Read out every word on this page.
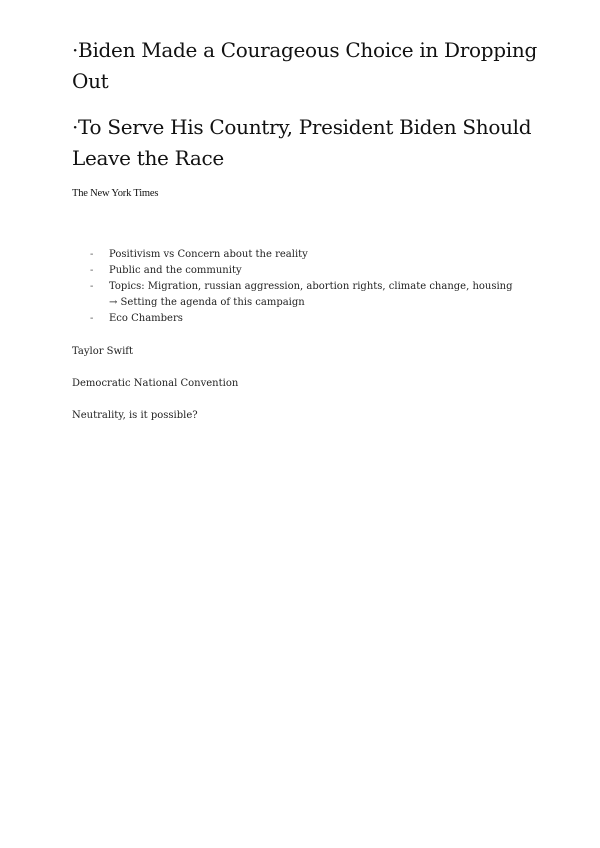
·Biden Made a Courageous Choice in Dropping Out
·To Serve His Country, President Biden Should Leave the Race

The New York Times

- Positivism vs Concern about the reality
- Public and the community
- Topics: Migration, russian aggression, abortion rights, climate change, housing → Setting the agenda of this campaign
- Eco Chambers

Taylor Swift

Democratic National Convention

Neutrality, is it possible?
